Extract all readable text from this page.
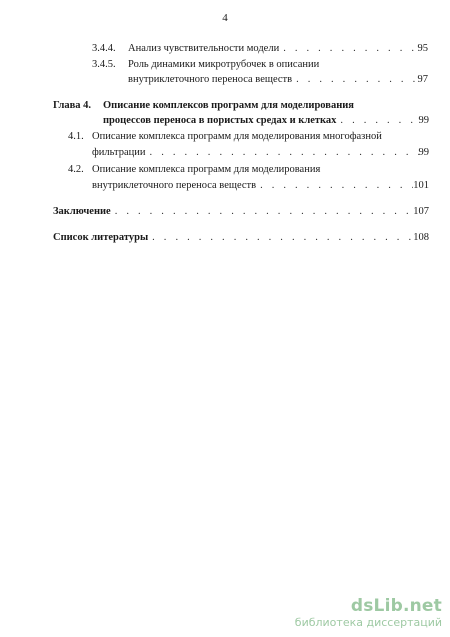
4
3.4.4.	Анализ чувствительности модели . . .	95
3.4.5. Роль динамики микротрубочек в описании
внутриклеточного переноса веществ . . .	97
Глава 4. Описание комплексов программ для моделирования
процессов переноса в пористых средах и клетках . . .	99
4.1. Описание комплекса программ для моделирования многофазной
фильтрации . . .	99
4.2. Описание комплекса программ для моделирования
внутриклеточного переноса веществ . . .	101
Заключение . . .	107
Список литературы . . .	108
dsLib.net
библиотека диссертаций
